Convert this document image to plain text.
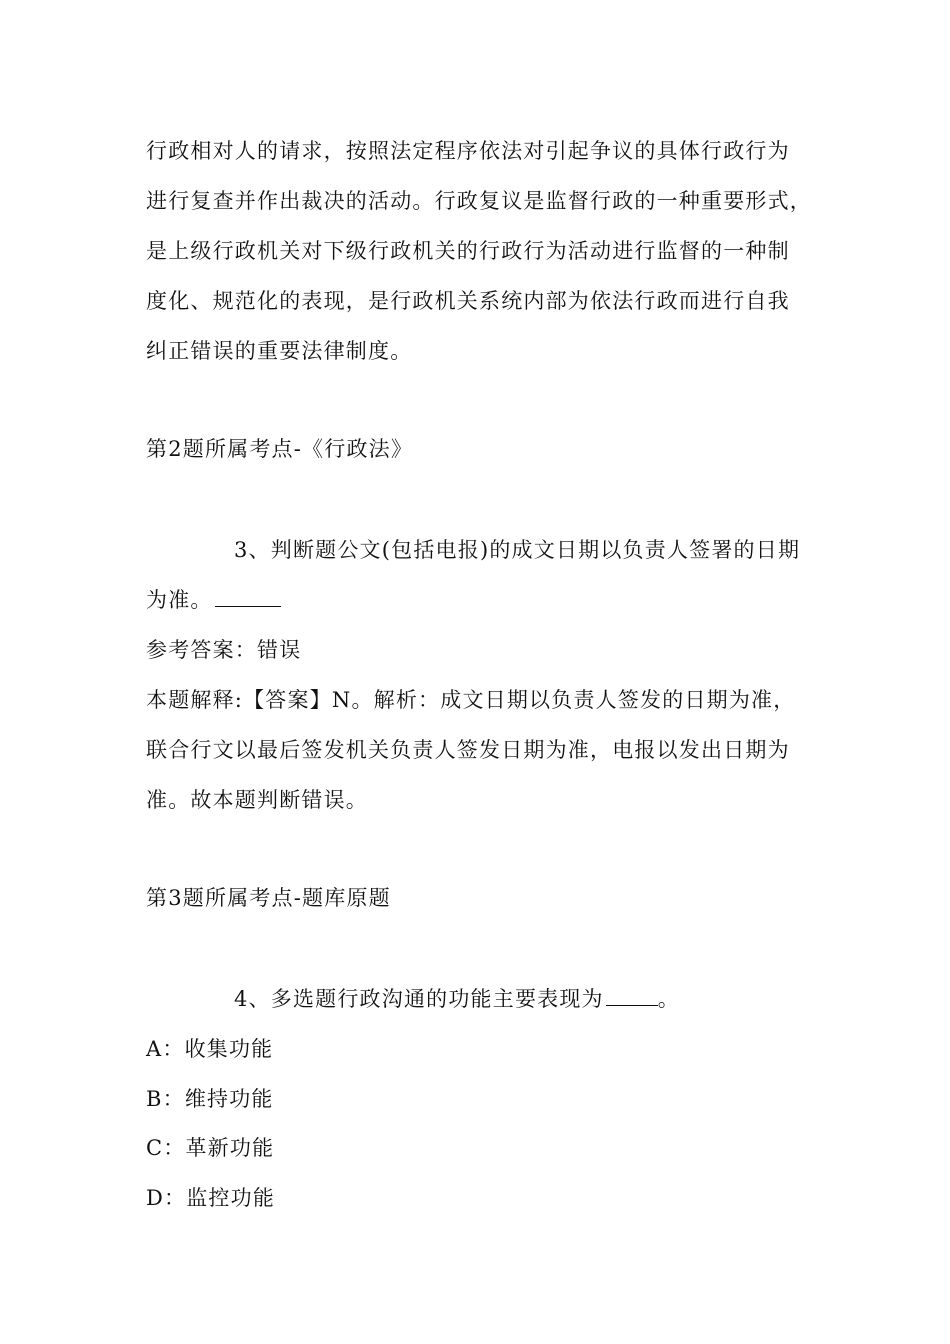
行政相对人的请求，按照法定程序依法对引起争议的具体行政行为
进行复查并作出裁决的活动。行政复议是监督行政的一种重要形式，
是上级行政机关对下级行政机关的行政行为活动进行监督的一种制
度化、规范化的表现，是行政机关系统内部为依法行政而进行自我
纠正错误的重要法律制度。
第2题所属考点-《行政法》
3、判断题公文(包括电报)的成文日期以负责人签署的日期
为准。
参考答案：错误
本题解释:【答案】N。解析：成文日期以负责人签发的日期为准，
联合行文以最后签发机关负责人签发日期为准，电报以发出日期为
准。故本题判断错误。
第3题所属考点-题库原题
4、多选题行政沟通的功能主要表现为	。
A：收集功能
B：维持功能
C：革新功能
D：监控功能
